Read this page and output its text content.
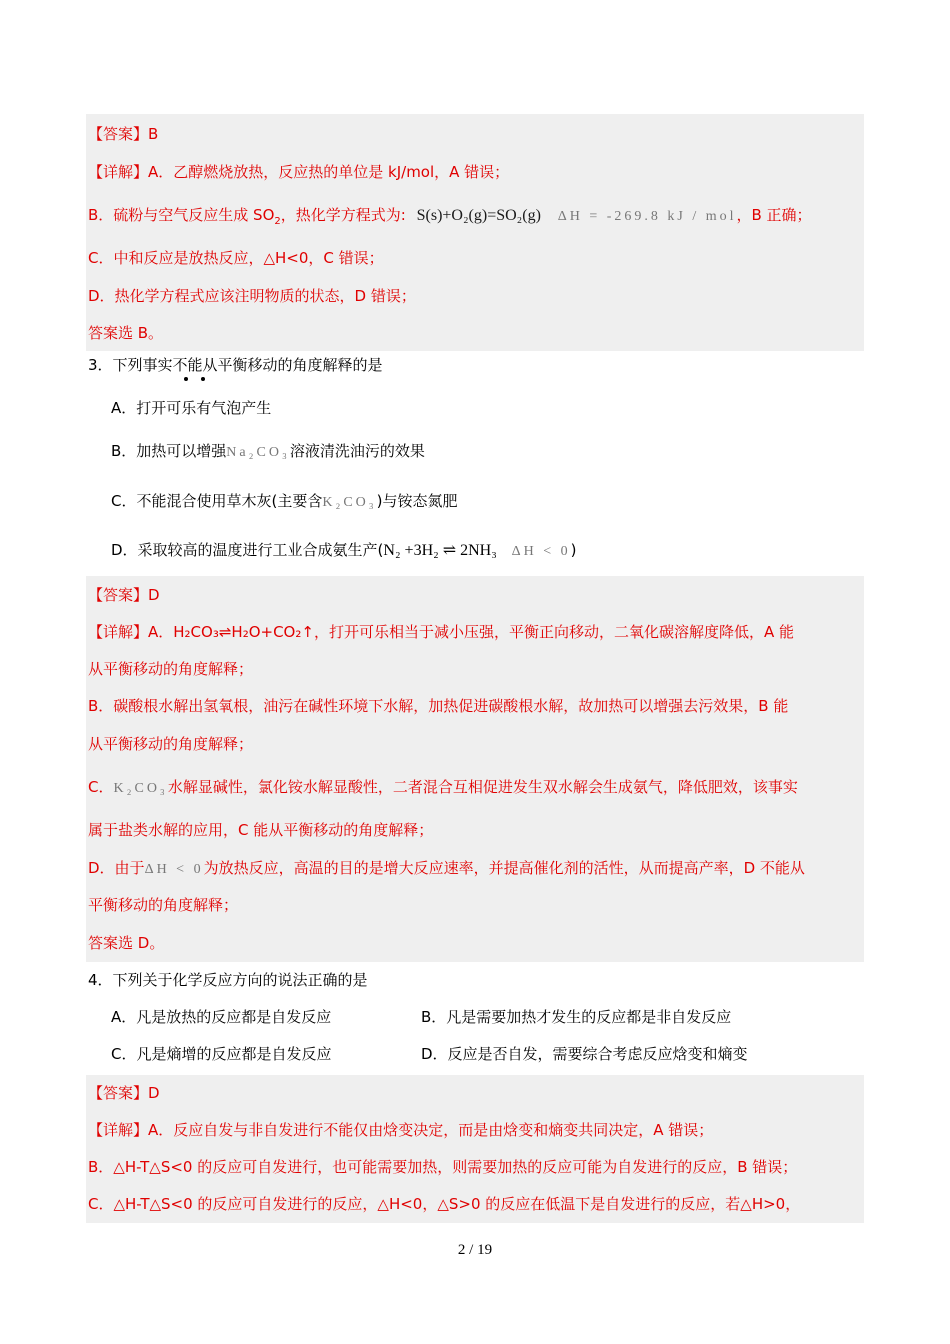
【答案】B
【详解】A．乙醇燃烧放热，反应热的单位是 kJ/mol，A 错误；
B．硫粉与空气反应生成 $SO_2$，热化学方程式为: S(s)+O₂(g)=SO₂(g) ΔH = -269.8 kJ / mol，B 正确；
C．中和反应是放热反应，△H<0，C 错误；
D．热化学方程式应该注明物质的状态，D 错误；
答案选 B。
3．下列事实不能从平衡移动的角度解释的是
A．打开可乐有气泡产生
B．加热可以增强Na₂CO₃溶液清洗油污的效果
C．不能混合使用草木灰(主要含K₂CO₃)与铵态氮肥
D．采取较高的温度进行工业合成氨生产(N₂ +3H₂ ⇌ 2NH₃ ΔH < 0)
【答案】D
【详解】A．H₂CO₃⇌H₂O+CO₂↑，打开可乐相当于减小压强，平衡正向移动，二氧化碳溶解度降低，A 能
从平衡移动的角度解释；
B．碳酸根水解出氢氧根，油污在碱性环境下水解，加热促进碳酸根水解，故加热可以增强去污效果，B 能
从平衡移动的角度解释；
C．K₂CO₃水解显碱性，氯化铵水解显酸性，二者混合互相促进发生双水解会生成氨气，降低肥效，该事实
属于盐类水解的应用，C 能从平衡移动的角度解释；
D．由于ΔH < 0为放热反应，高温的目的是增大反应速率，并提高催化剂的活性，从而提高产率，D 不能从
平衡移动的角度解释；
答案选 D。
4．下列关于化学反应方向的说法正确的是
A．凡是放热的反应都是自发反应	B．凡是需要加热才发生的反应都是非自发反应
C．凡是熵增的反应都是自发反应	D．反应是否自发，需要综合考虑反应焓变和熵变
【答案】D
【详解】A．反应自发与非自发进行不能仅由焓变决定，而是由焓变和熵变共同决定，A 错误；
B．△H-T△S<0 的反应可自发进行，也可能需要加热，则需要加热的反应可能为自发进行的反应，B 错误；
C．△H-T△S<0 的反应可自发进行的反应，△H<0，△S>0 的反应在低温下是自发进行的反应，若△H>0，
2 / 19
